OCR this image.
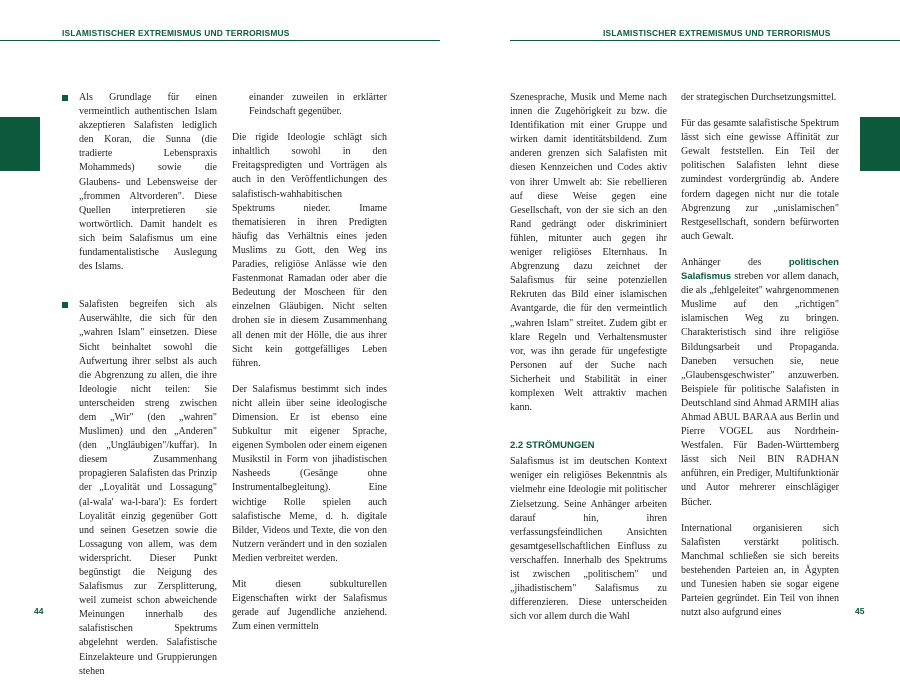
ISLAMISTISCHER EXTREMISMUS UND TERRORISMUS

Als Grundlage für einen vermeintlich authentischen Islam akzeptieren Salafisten lediglich den Koran, die Sunna (die tradierte Lebenspraxis Mohammeds) sowie die Glaubens- und Lebensweise der „frommen Altvorderen". Diese Quellen interpretieren sie wortwörtlich. Damit handelt es sich beim Salafismus um eine fundamentalistische Auslegung des Islams.

Salafisten begreifen sich als Auserwählte, die sich für den „wahren Islam" einsetzen. Diese Sicht beinhaltet sowohl die Aufwertung ihrer selbst als auch die Abgrenzung zu allen, die ihre Ideologie nicht teilen: Sie unterscheiden streng zwischen dem „Wir" (den „wahren" Muslimen) und den „Anderen" (den „Ungläubigen"/kuffar). In diesem Zusammenhang propagieren Salafisten das Prinzip der „Loyalität und Lossagung" (al-wala' wa-l-bara'): Es fordert Loyalität einzig gegenüber Gott und seinen Gesetzen sowie die Lossagung von allem, was dem widerspricht. Dieser Punkt begünstigt die Neigung des Salafismus zur Zersplitterung, weil zumeist schon abweichende Meinungen innerhalb des salafistischen Spektrums abgelehnt werden. Salafistische Einzelakteure und Gruppierungen stehen

einander zuweilen in erklärter Feindschaft gegenüber.

Die rigide Ideologie schlägt sich inhaltlich sowohl in den Freitagspredigten und Vorträgen als auch in den Veröffentlichungen des salafistisch-wahhabitischen Spektrums nieder. Imame thematisieren in ihren Predigten häufig das Verhältnis eines jeden Muslims zu Gott, den Weg ins Paradies, religiöse Anlässe wie den Fastenmonat Ramadan oder aber die Bedeutung der Moscheen für den einzelnen Gläubigen. Nicht selten drohen sie in diesem Zusammenhang all denen mit der Hölle, die aus ihrer Sicht kein gottgefälliges Leben führen.

Der Salafismus bestimmt sich indes nicht allein über seine ideologische Dimension. Er ist ebenso eine Subkultur mit eigener Sprache, eigenen Symbolen oder einem eigenen Musikstil in Form von jihadistischen Nasheeds (Gesänge ohne Instrumentalbegleitung). Eine wichtige Rolle spielen auch salafistische Meme, d. h. digitale Bilder, Videos und Texte, die von den Nutzern verändert und in den sozialen Medien verbreitet werden.

Mit diesen subkulturellen Eigenschaften wirkt der Salafismus gerade auf Jugendliche anziehend. Zum einen vermitteln

44
ISLAMISTISCHER EXTREMISMUS UND TERRORISMUS

Szenesprache, Musik und Meme nach innen die Zugehörigkeit zu bzw. die Identifikation mit einer Gruppe und wirken damit identitätsbildend. Zum anderen grenzen sich Salafisten mit diesen Kennzeichen und Codes aktiv von ihrer Umwelt ab: Sie rebellieren auf diese Weise gegen eine Gesellschaft, von der sie sich an den Rand gedrängt oder diskriminiert fühlen, mitunter auch gegen ihr weniger religiöses Elternhaus. In Abgrenzung dazu zeichnet der Salafismus für seine potenziellen Rekruten das Bild einer islamischen Avantgarde, die für den vermeintlich „wahren Islam" streitet. Zudem gibt er klare Regeln und Verhaltensmuster vor, was ihn gerade für ungefestigte Personen auf der Suche nach Sicherheit und Stabilität in einer komplexen Welt attraktiv machen kann.

2.2 STRÖMUNGEN

Salafismus ist im deutschen Kontext weniger ein religiöses Bekenntnis als vielmehr eine Ideologie mit politischer Zielsetzung. Seine Anhänger arbeiten darauf hin, ihren verfassungsfeindlichen Ansichten gesamtgesellschaftlichen Einfluss zu verschaffen. Innerhalb des Spektrums ist zwischen „politischem" und „jihadistischem" Salafismus zu differenzieren. Diese unterscheiden sich vor allem durch die Wahl

der strategischen Durchsetzungsmittel.

Für das gesamte salafistische Spektrum lässt sich eine gewisse Affinität zur Gewalt feststellen. Ein Teil der politischen Salafisten lehnt diese zumindest vordergründig ab. Andere fordern dagegen nicht nur die totale Abgrenzung zur „unislamischen" Restgesellschaft, sondern befürworten auch Gewalt.

Anhänger des politischen Salafismus streben vor allem danach, die als „fehlgeleitet" wahrgenommenen Muslime auf den „richtigen" islamischen Weg zu bringen. Charakteristisch sind ihre religiöse Bildungsarbeit und Propaganda. Daneben versuchen sie, neue „Glaubensgeschwister" anzuwerben. Beispiele für politische Salafisten in Deutschland sind Ahmad ARMIH alias Ahmad ABUL BARAA aus Berlin und Pierre VOGEL aus Nordrhein-Westfalen. Für Baden-Württemberg lässt sich Neil BIN RADHAN anführen, ein Prediger, Multifunktionär und Autor mehrerer einschlägiger Bücher.

International organisieren sich Salafisten verstärkt politisch. Manchmal schließen sie sich bereits bestehenden Parteien an, in Ägypten und Tunesien haben sie sogar eigene Parteien gegründet. Ein Teil von ihnen nutzt also aufgrund eines	45
